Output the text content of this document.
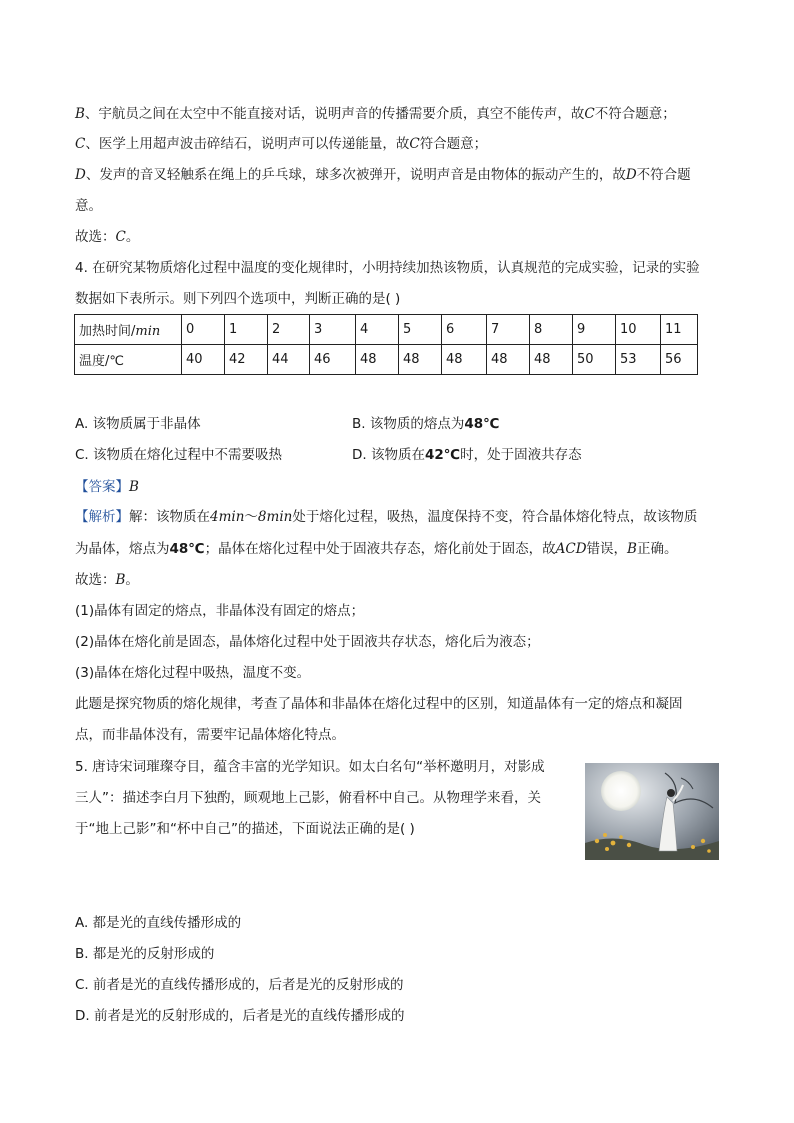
B、宇航员之间在太空中不能直接对话，说明声音的传播需要介质，真空不能传声，故C不符合题意；
C、医学上用超声波击碎结石，说明声可以传递能量，故C符合题意；
D、发声的音叉轻触系在绳上的乒乓球，球多次被弹开，说明声音是由物体的振动产生的，故D不符合题
意。
故选：C。
4. 在研究某物质熔化过程中温度的变化规律时，小明持续加热该物质，认真规范的完成实验，记录的实验
数据如下表所示。则下列四个选项中，判断正确的是( )
加热时间/min	0	1	2	3	4	5	6	7	8	9	10	11
温度/℃	40	42	44	46	48	48	48	48	48	50	53	56
A. 该物质属于非晶体	B. 该物质的熔点为48℃
C. 该物质在熔化过程中不需要吸热	D. 该物质在42℃时，处于固液共存态
【答案】B
【解析】解：该物质在4min～8min处于熔化过程，吸热，温度保持不变，符合晶体熔化特点，故该物质
为晶体，熔点为48℃；晶体在熔化过程中处于固液共存态，熔化前处于固态，故ACD错误，B正确。
故选：B。
(1)晶体有固定的熔点，非晶体没有固定的熔点；
(2)晶体在熔化前是固态，晶体熔化过程中处于固液共存状态，熔化后为液态；
(3)晶体在熔化过程中吸热，温度不变。
此题是探究物质的熔化规律，考查了晶体和非晶体在熔化过程中的区别，知道晶体有一定的熔点和凝固
点，而非晶体没有，需要牢记晶体熔化特点。
5. 唐诗宋词璀璨夺目，蕴含丰富的光学知识。如太白名句“举杯邀明月，对影成
三人”：描述李白月下独酌，顾观地上己影，俯看杯中自己。从物理学来看，关
于“地上己影”和“杯中自己”的描述，下面说法正确的是( )
A. 都是光的直线传播形成的
B. 都是光的反射形成的
C. 前者是光的直线传播形成的，后者是光的反射形成的
D. 前者是光的反射形成的，后者是光的直线传播形成的
